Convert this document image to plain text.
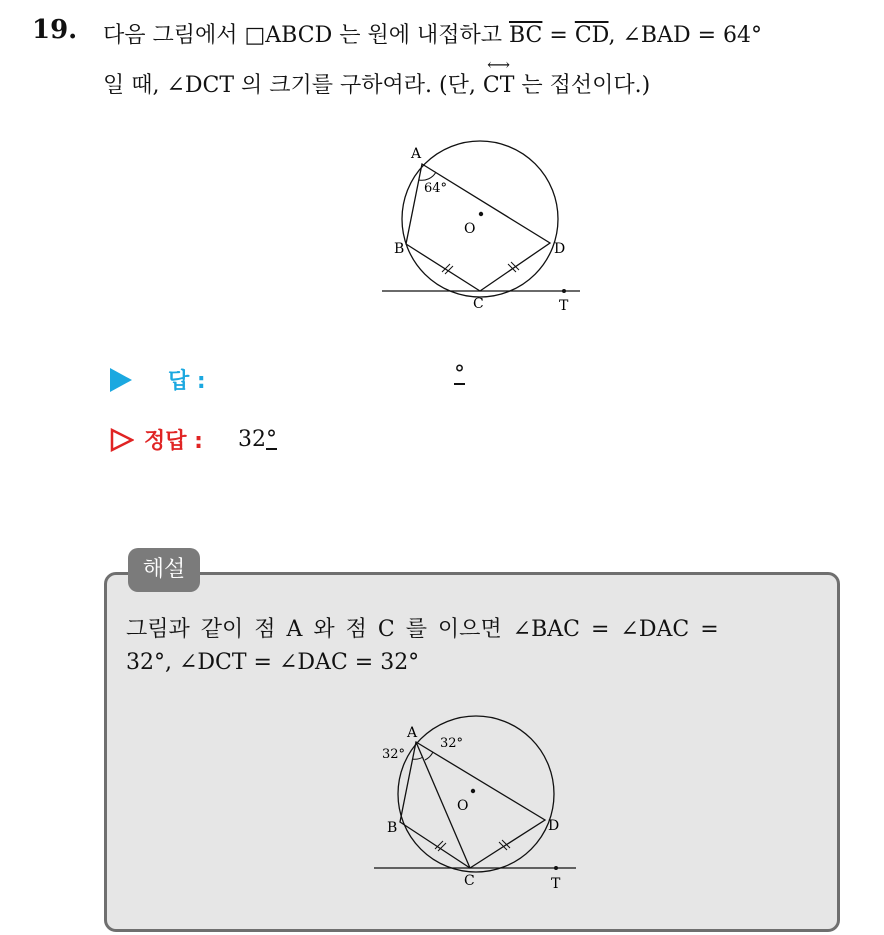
19. 다음 그림에서 □ABCD 는 원에 내접하고 $\overline{BC} = \overline{CD}$, ∠BAD = 64°
일 때, ∠DCT 의 크기를 구하여라. (단,
⟷
CT 는 접선이다.)
A
B
C
D
O
T
64°
답 :	°
정답 : 32°
해설
그림과 같이 점 A 와 점 C 를 이으면 ∠BAC = ∠DAC =
32°, ∠DCT = ∠DAC = 32°
A
B
C
D
O
T
32°
32°
